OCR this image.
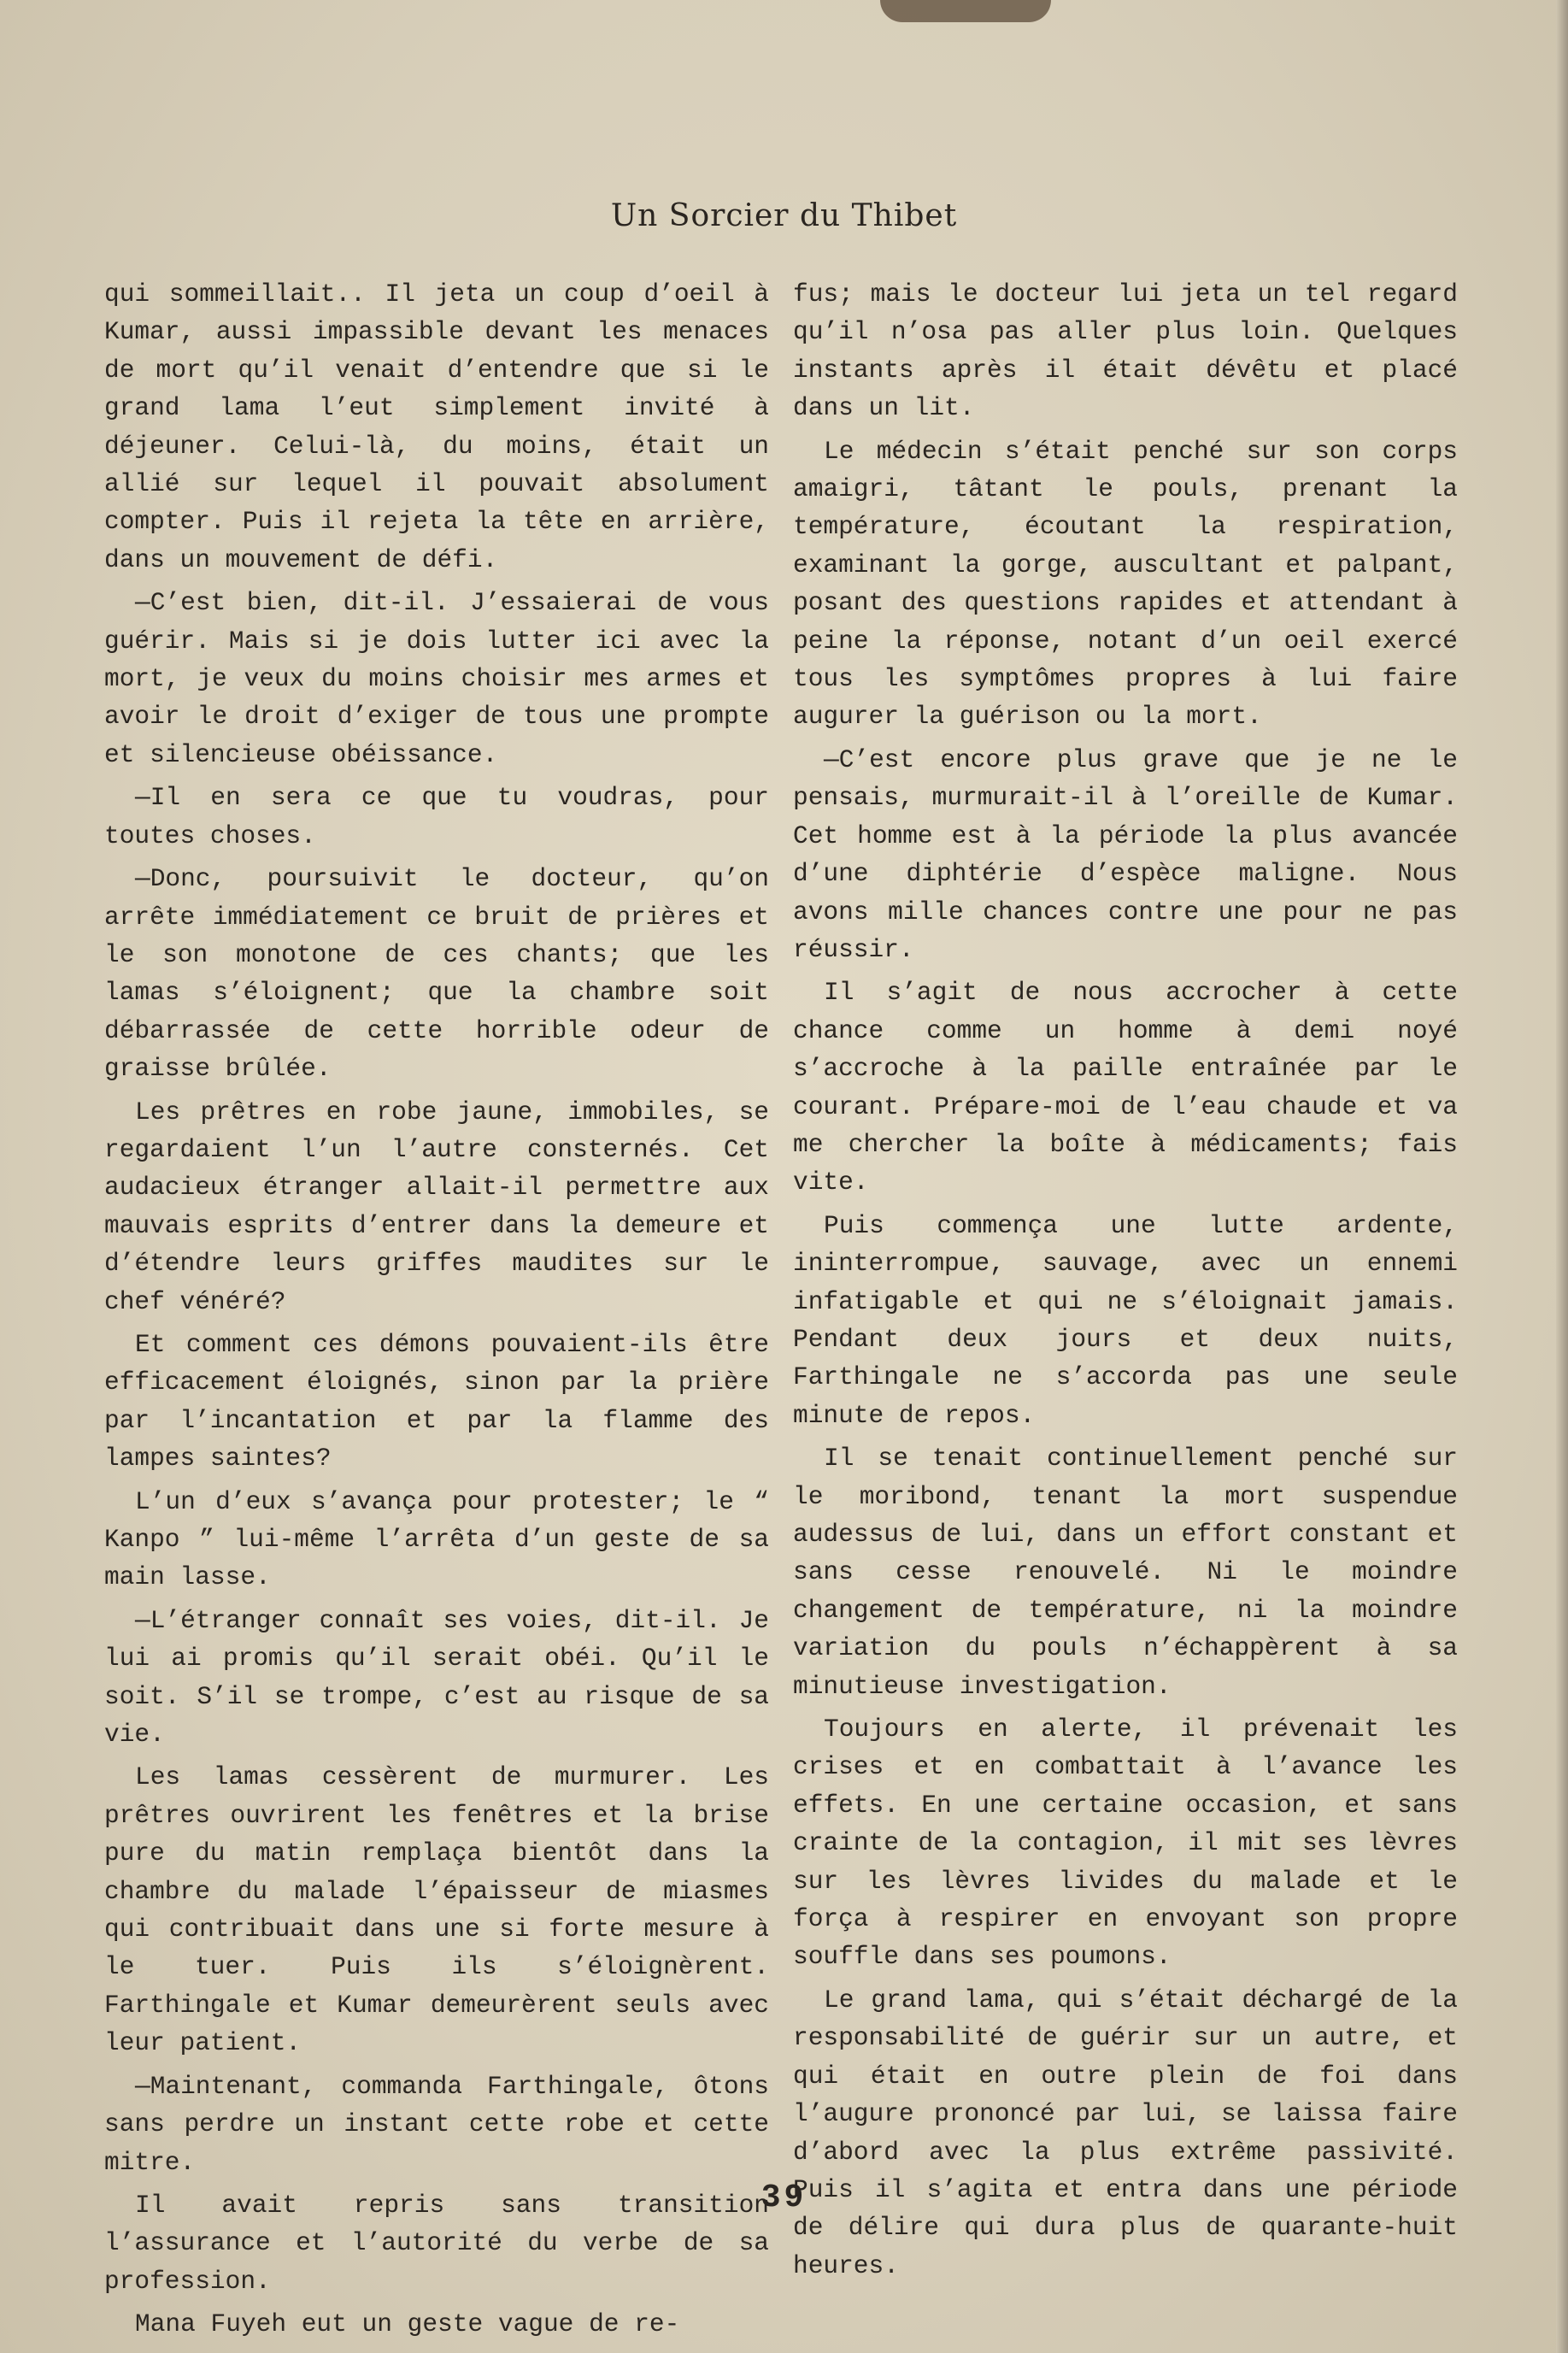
Un Sorcier du Thibet

qui sommeillait.. Il jeta un coup d’oeil à Kumar, aussi impassible devant les menaces de mort qu’il venait d’entendre que si le grand lama l’eut simplement invité à déjeuner. Celui-là, du moins, était un allié sur lequel il pouvait absolument compter. Puis il rejeta la tête en arrière, dans un mouvement de défi.

—C’est bien, dit-il. J’essaierai de vous guérir. Mais si je dois lutter ici avec la mort, je veux du moins choisir mes armes et avoir le droit d’exiger de tous une prompte et silencieuse obéissance.

—Il en sera ce que tu voudras, pour toutes choses.

—Donc, poursuivit le docteur, qu’on arrête immédiatement ce bruit de prières et le son monotone de ces chants; que les lamas s’éloignent; que la chambre soit débarrassée de cette horrible odeur de graisse brûlée.

Les prêtres en robe jaune, immobiles, se regardaient l’un l’autre consternés. Cet audacieux étranger allait-il permettre aux mauvais esprits d’entrer dans la demeure et d’étendre leurs griffes maudites sur le chef vénéré?

Et comment ces démons pouvaient-ils être efficacement éloignés, sinon par la prière par l’incantation et par la flamme des lampes saintes?

L’un d’eux s’avança pour protester; le “ Kanpo ” lui-même l’arrêta d’un geste de sa main lasse.

—L’étranger connaît ses voies, dit-il. Je lui ai promis qu’il serait obéi. Qu’il le soit. S’il se trompe, c’est au risque de sa vie.

Les lamas cessèrent de murmurer. Les prêtres ouvrirent les fenêtres et la brise pure du matin remplaça bientôt dans la chambre du malade l’épaisseur de miasmes qui contribuait dans une si forte mesure à le tuer. Puis ils s’éloignèrent. Farthingale et Kumar demeurèrent seuls avec leur patient.

—Maintenant, commanda Farthingale, ôtons sans perdre un instant cette robe et cette mitre.

Il avait repris sans transition l’assurance et l’autorité du verbe de sa profession.

Mana Fuyeh eut un geste vague de re-

fus; mais le docteur lui jeta un tel regard qu’il n’osa pas aller plus loin. Quelques instants après il était dévêtu et placé dans un lit.

Le médecin s’était penché sur son corps amaigri, tâtant le pouls, prenant la température, écoutant la respiration, examinant la gorge, auscultant et palpant, posant des questions rapides et attendant à peine la réponse, notant d’un oeil exercé tous les symptômes propres à lui faire augurer la guérison ou la mort.

—C’est encore plus grave que je ne le pensais, murmurait-il à l’oreille de Kumar. Cet homme est à la période la plus avancée d’une diphtérie d’espèce maligne. Nous avons mille chances contre une pour ne pas réussir.

Il s’agit de nous accrocher à cette chance comme un homme à demi noyé s’accroche à la paille entraînée par le courant. Prépare-moi de l’eau chaude et va me chercher la boîte à médicaments; fais vite.

Puis commença une lutte ardente, ininterrompue, sauvage, avec un ennemi infatigable et qui ne s’éloignait jamais. Pendant deux jours et deux nuits, Farthingale ne s’accorda pas une seule minute de repos.

Il se tenait continuellement penché sur le moribond, tenant la mort suspendue audessus de lui, dans un effort constant et sans cesse renouvelé. Ni le moindre changement de température, ni la moindre variation du pouls n’échappèrent à sa minutieuse investigation.

Toujours en alerte, il prévenait les crises et en combattait à l’avance les effets. En une certaine occasion, et sans crainte de la contagion, il mit ses lèvres sur les lèvres livides du malade et le força à respirer en envoyant son propre souffle dans ses poumons.

Le grand lama, qui s’était déchargé de la responsabilité de guérir sur un autre, et qui était en outre plein de foi dans l’augure prononcé par lui, se laissa faire d’abord avec la plus extrême passivité. Puis il s’agita et entra dans une période de délire qui dura plus de quarante-huit heures.

39
